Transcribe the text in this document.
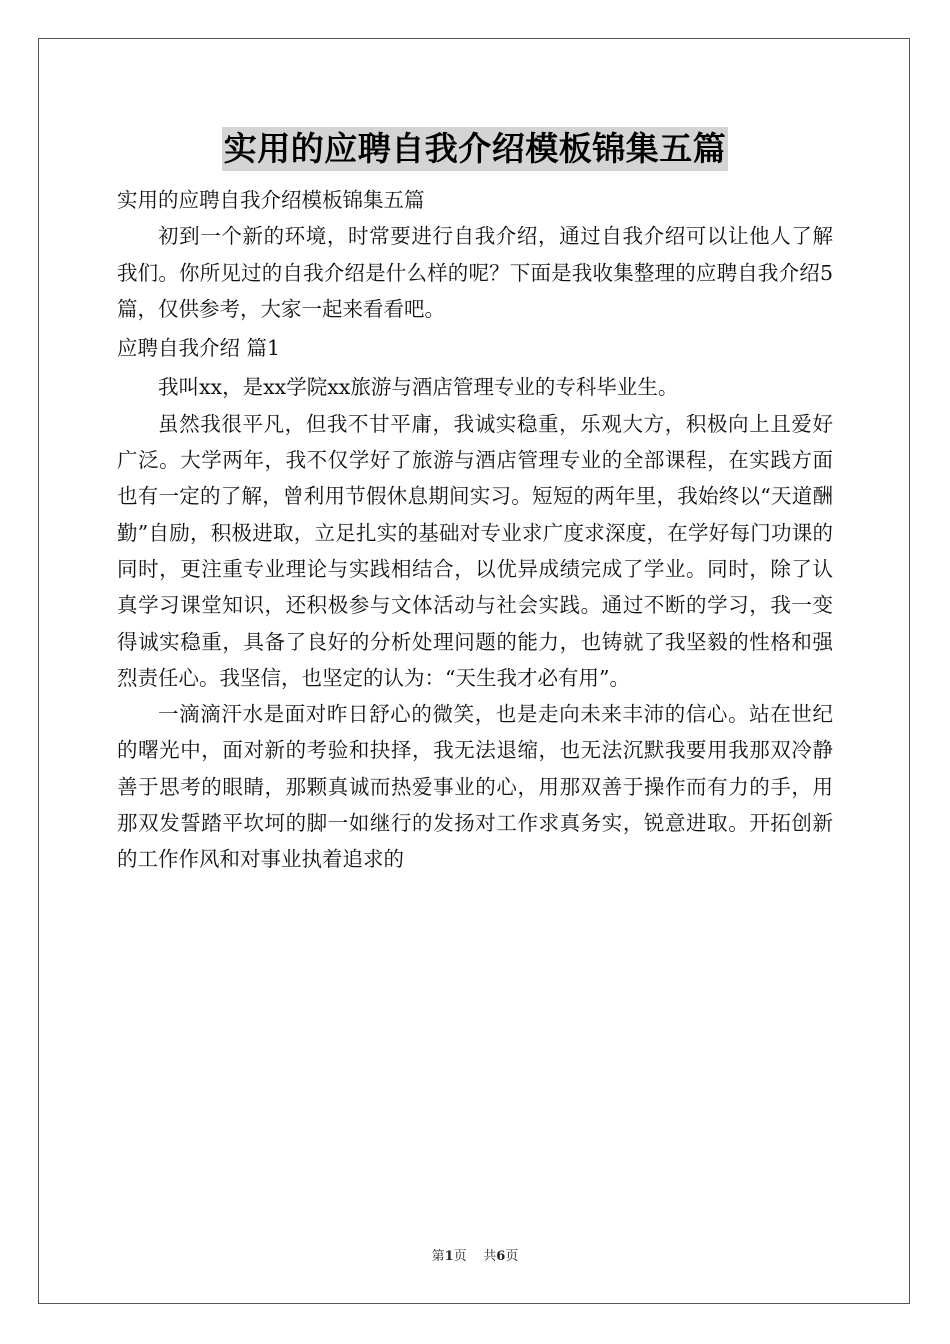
实用的应聘自我介绍模板锦集五篇

实用的应聘自我介绍模板锦集五篇

初到一个新的环境，时常要进行自我介绍，通过自我介绍可以让他人了解我们。你所见过的自我介绍是什么样的呢？下面是我收集整理的应聘自我介绍5篇，仅供参考，大家一起来看看吧。

应聘自我介绍 篇1

我叫xx，是xx学院xx旅游与酒店管理专业的专科毕业生。

虽然我很平凡，但我不甘平庸，我诚实稳重，乐观大方，积极向上且爱好广泛。大学两年，我不仅学好了旅游与酒店管理专业的全部课程，在实践方面也有一定的了解，曾利用节假休息期间实习。短短的两年里，我始终以“天道酬勤”自励，积极进取，立足扎实的基础对专业求广度求深度，在学好每门功课的同时，更注重专业理论与实践相结合，以优异成绩完成了学业。同时，除了认真学习课堂知识，还积极参与文体活动与社会实践。通过不断的学习，我一变得诚实稳重，具备了良好的分析处理问题的能力，也铸就了我坚毅的性格和强烈责任心。我坚信，也坚定的认为：“天生我才必有用”。

一滴滴汗水是面对昨日舒心的微笑，也是走向未来丰沛的信心。站在世纪的曙光中，面对新的考验和抉择，我无法退缩，也无法沉默我要用我那双冷静善于思考的眼睛，那颗真诚而热爱事业的心，用那双善于操作而有力的手，用那双发誓踏平坎坷的脚一如继行的发扬对工作求真务实，锐意进取。开拓创新的工作作风和对事业执着追求的

第1页 共6页
